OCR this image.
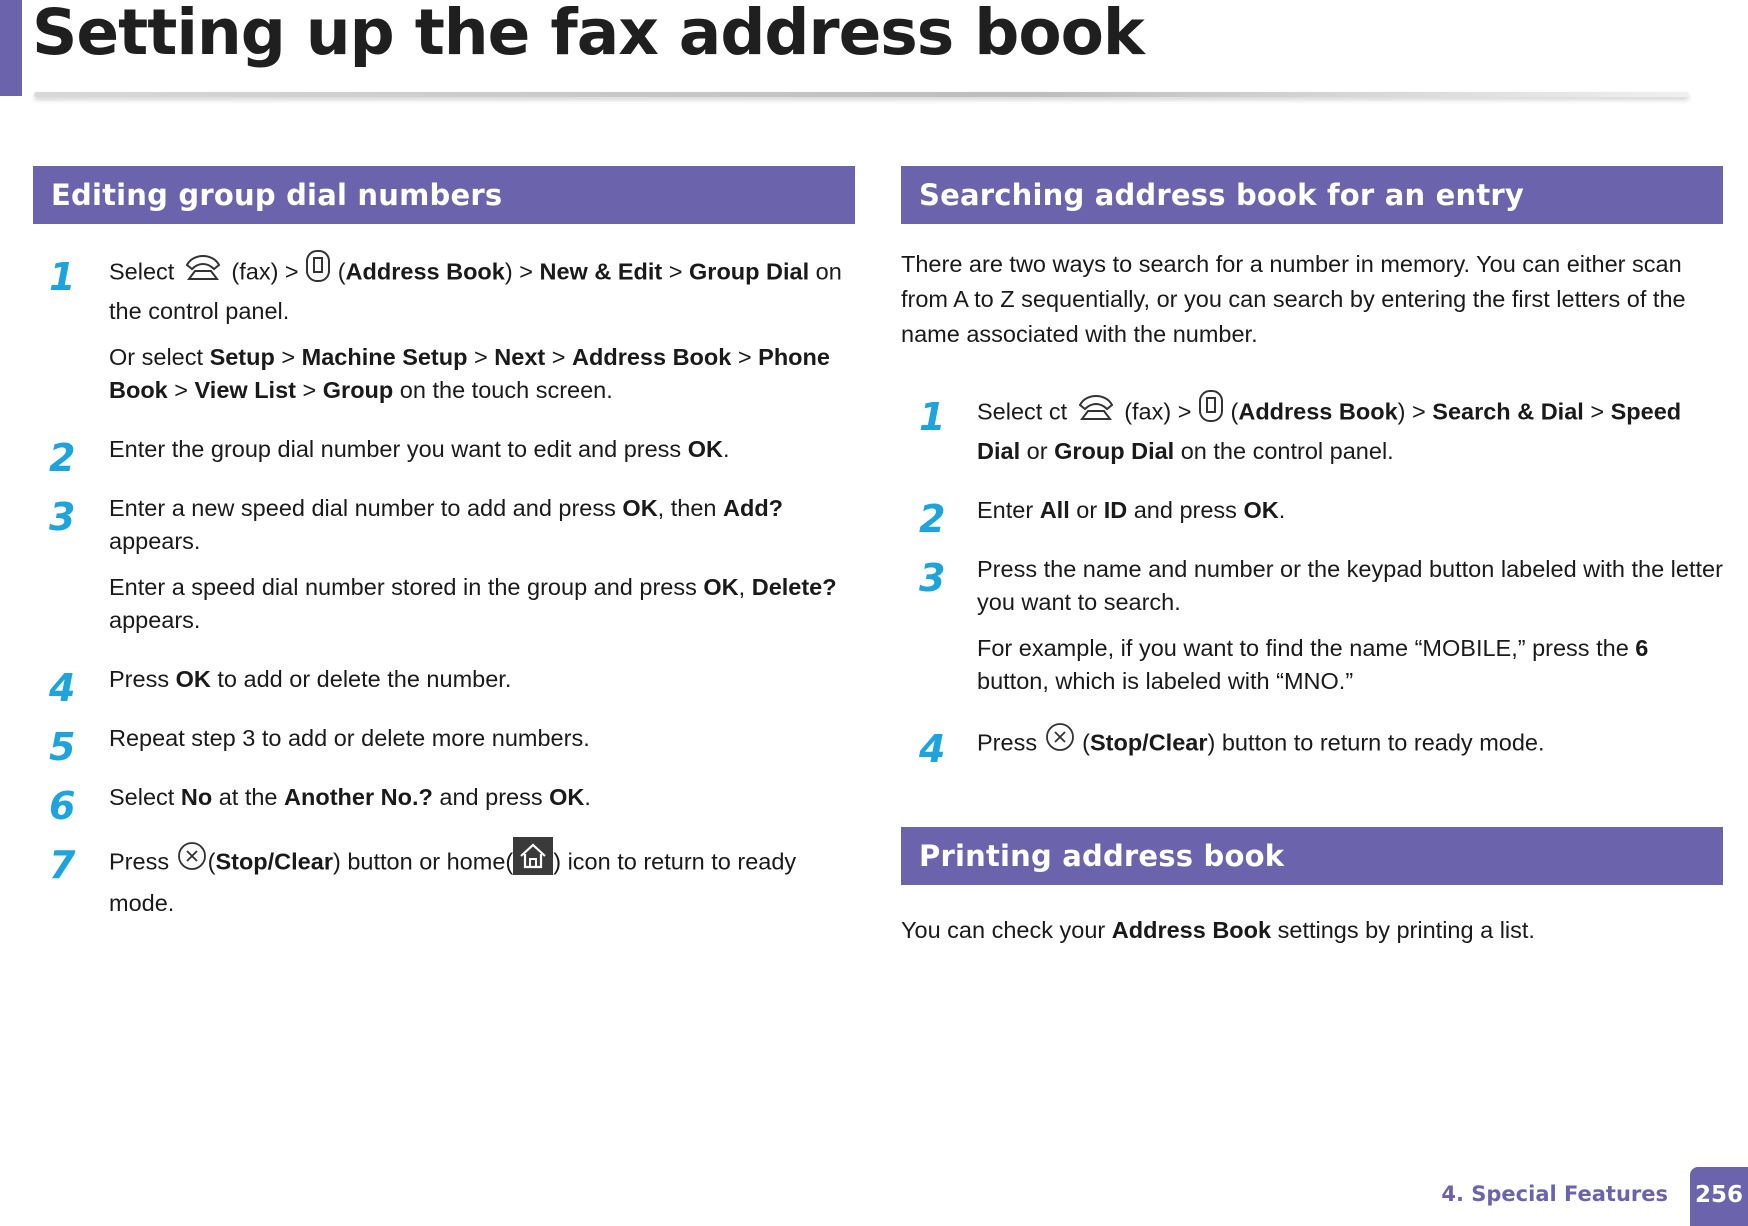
Setting up the fax address book
Editing group dial numbers
1 Select  (fax) >  (Address Book) > New & Edit > Group Dial on the control panel.

Or select Setup > Machine Setup > Next > Address Book > Phone Book > View List > Group on the touch screen.

2 Enter the group dial number you want to edit and press OK.

3 Enter a new speed dial number to add and press OK, then Add? appears.

Enter a speed dial number stored in the group and press OK, Delete? appears.

4 Press OK to add or delete the number.

5 Repeat step 3 to add or delete more numbers.

6 Select No at the Another No.? and press OK.

7 Press (Stop/Clear) button or home( ) icon to return to ready mode.

Searching address book for an entry

There are two ways to search for a number in memory. You can either scan from A to Z sequentially, or you can search by entering the first letters of the name associated with the number.

1 Select ct  (fax) >  (Address Book) > Search & Dial > Speed Dial or Group Dial on the control panel.

2 Enter All or ID and press OK.

3 Press the name and number or the keypad button labeled with the letter you want to search.

For example, if you want to find the name “MOBILE,” press the 6 button, which is labeled with “MNO.”

4 Press  (Stop/Clear) button to return to ready mode.

Printing address book

You can check your Address Book settings by printing a list.

4. Special Features 256
